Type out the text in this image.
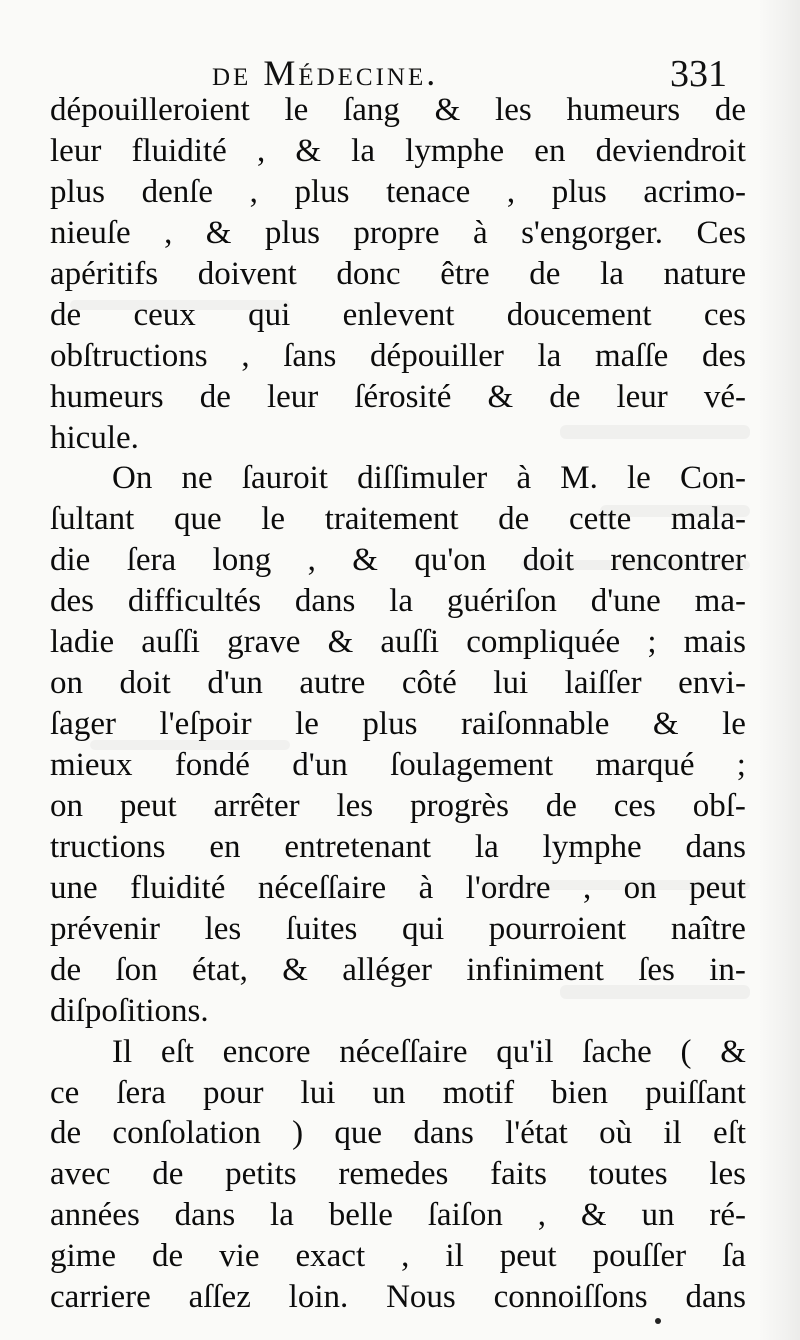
de Médecine.	331
dépouilleroient le ſang & les humeurs de
leur fluidité , & la lymphe en deviendroit
plus denſe , plus tenace , plus acrimo-
nieuſe , & plus propre à s'engorger. Ces
apéritifs doivent donc être de la nature
de ceux qui enlevent doucement ces
obſtructions , ſans dépouiller la maſſe des
humeurs de leur ſérosité & de leur vé-
hicule.
On ne ſauroit diſſimuler à M. le Con-
ſultant que le traitement de cette mala-
die ſera long , & qu'on doit rencontrer
des difficultés dans la guériſon d'une ma-
ladie auſſi grave & auſſi compliquée ; mais
on doit d'un autre côté lui laiſſer envi-
ſager l'eſpoir le plus raiſonnable & le
mieux fondé d'un ſoulagement marqué ;
on peut arrêter les progrès de ces obſ-
tructions en entretenant la lymphe dans
une fluidité néceſſaire à l'ordre , on peut
prévenir les ſuites qui pourroient naître
de ſon état, & alléger infiniment ſes in-
diſpoſitions.
Il eſt encore néceſſaire qu'il ſache ( &
ce ſera pour lui un motif bien puiſſant
de conſolation ) que dans l'état où il eſt
avec de petits remedes faits toutes les
années dans la belle ſaiſon , & un ré-
gime de vie exact , il peut pouſſer ſa
carriere aſſez loin. Nous connoiſſons dans
